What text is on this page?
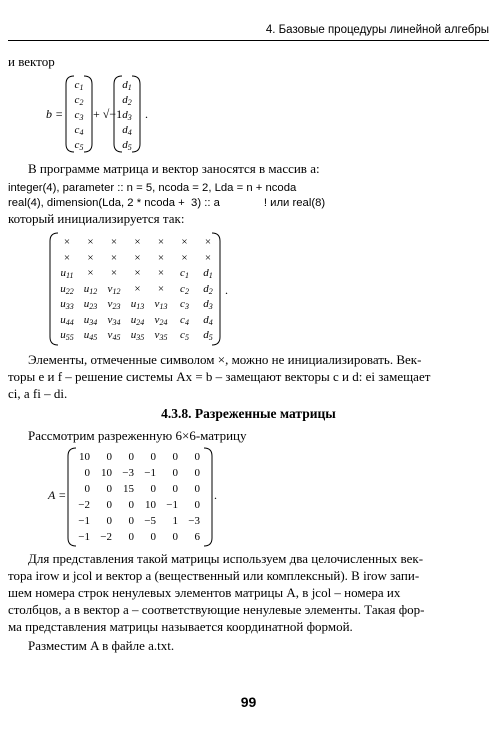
4. Базовые процедуры линейной алгебры
и вектор
b =
$c_1$
$c_2$
$c_3$
$c_4$
$c_5$
+ √−1
$d_1$
$d_2$
$d_3$
$d_4$
$d_5$
.
В программе матрица и вектор заносятся в массив a:
integer(4), parameter :: n = 5, ncoda = 2, Lda = n + ncoda
real(4), dimension(Lda, 2 * ncoda +  3) :: a              ! или real(8)
который инициализируется так:
×	×	×	×	×	×	×
×	×	×	×	×	×	×
$u_{11}$	×	×	×	×	$c_1$	$d_1$
$u_{22}$ $u_{12}$ $v_{12}$	×	×	$c_2$	$d_2$
$u_{33}$ $u_{23}$ $v_{23}$ $u_{13}$ $v_{13}$	$c_3$	$d_3$
$u_{44}$ $u_{34}$ $v_{34}$ $u_{24}$ $v_{24}$	$c_4$	$d_4$
$u_{55}$ $u_{45}$ $v_{45}$ $u_{35}$ $v_{35}$	$c_5$	$d_5$
.
Элементы, отмеченные символом ×, можно не инициализировать. Век-
торы e и f – решение системы Ax = b – замещают векторы c и d: ei замещает
ci, а fi – di.
4.3.8. Разреженные матрицы
Рассмотрим разреженную 6×6-матрицу
A =
10	0	0	0	0	0
0	10 −3 −1	0	0
0	0	15	0	0	0
−2	0	0	10 −1	0
−1	0	0 −5	1 −3
−1 −2	0	0	0	6
.
Для представления такой матрицы используем два целочисленных век-
тора irow и jcol и вектор a (вещественный или комплексный). В irow запи-
шем номера строк ненулевых элементов матрицы A, в jcol – номера их
столбцов, а в вектор a – соответствующие ненулевые элементы. Такая фор-
ма представления матрицы называется координатной формой.
Разместим A в файле a.txt.
99
